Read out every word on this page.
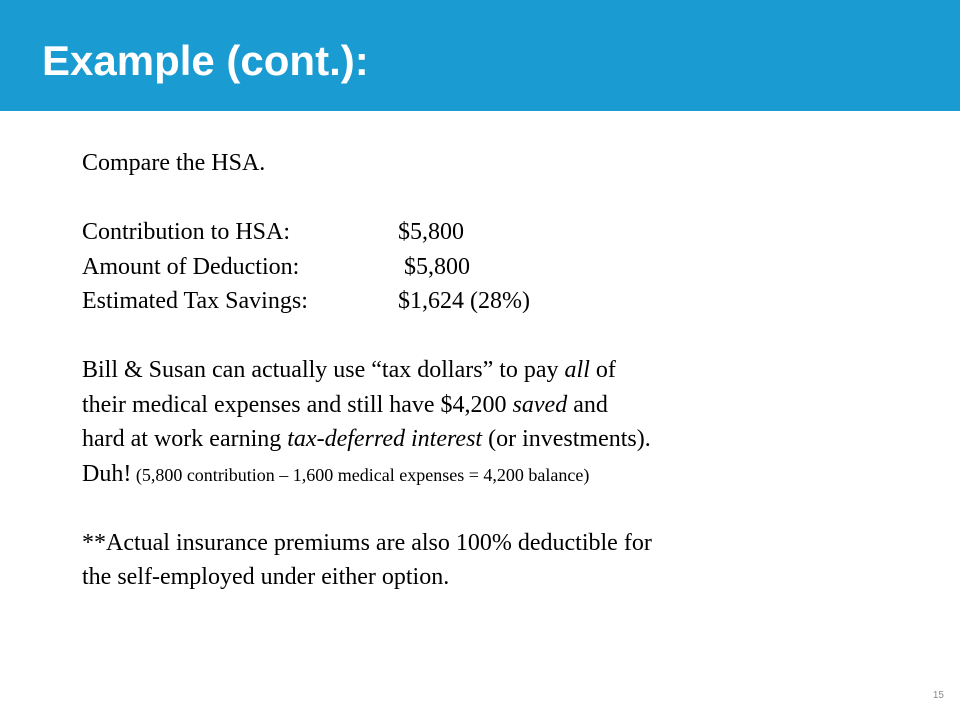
Example (cont.):
Compare the HSA.
Contribution to HSA:	$5,800
Amount of Deduction:	$5,800
Estimated Tax Savings:	$1,624 (28%)
Bill & Susan can actually use “tax dollars” to pay all of
their medical expenses and still have $4,200 saved and
hard at work earning tax-deferred interest (or investments).
Duh! (5,800 contribution – 1,600 medical expenses = 4,200 balance)
**Actual insurance premiums are also 100% deductible for
the self-employed under either option.
15
